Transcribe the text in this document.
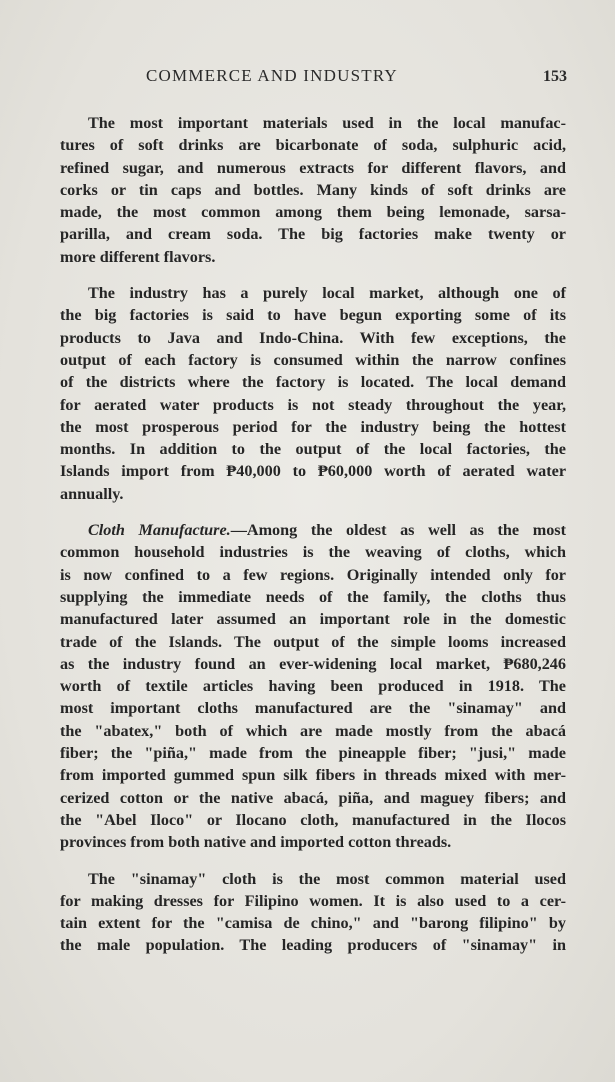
COMMERCE AND INDUSTRY	153

The most important materials used in the local manufac-
tures of soft drinks are bicarbonate of soda, sulphuric acid,
refined sugar, and numerous extracts for different flavors, and
corks or tin caps and bottles. Many kinds of soft drinks are
made, the most common among them being lemonade, sarsa-
parilla, and cream soda. The big factories make twenty or
more different flavors.

The industry has a purely local market, although one of
the big factories is said to have begun exporting some of its
products to Java and Indo-China. With few exceptions, the
output of each factory is consumed within the narrow confines
of the districts where the factory is located. The local demand
for aerated water products is not steady throughout the year,
the most prosperous period for the industry being the hottest
months. In addition to the output of the local factories, the
Islands import from ₱40,000 to ₱60,000 worth of aerated water
annually.

Cloth Manufacture.—Among the oldest as well as the most
common household industries is the weaving of cloths, which
is now confined to a few regions. Originally intended only for
supplying the immediate needs of the family, the cloths thus
manufactured later assumed an important role in the domestic
trade of the Islands. The output of the simple looms increased
as the industry found an ever-widening local market, ₱680,246
worth of textile articles having been produced in 1918. The
most important cloths manufactured are the "sinamay" and
the "abatex," both of which are made mostly from the abacá
fiber; the "piña," made from the pineapple fiber; "jusi," made
from imported gummed spun silk fibers in threads mixed with mer-
cerized cotton or the native abacá, piña, and maguey fibers; and
the "Abel Iloco" or Ilocano cloth, manufactured in the Ilocos
provinces from both native and imported cotton threads.

The "sinamay" cloth is the most common material used
for making dresses for Filipino women. It is also used to a cer-
tain extent for the "camisa de chino," and "barong filipino" by
the male population. The leading producers of "sinamay" in
